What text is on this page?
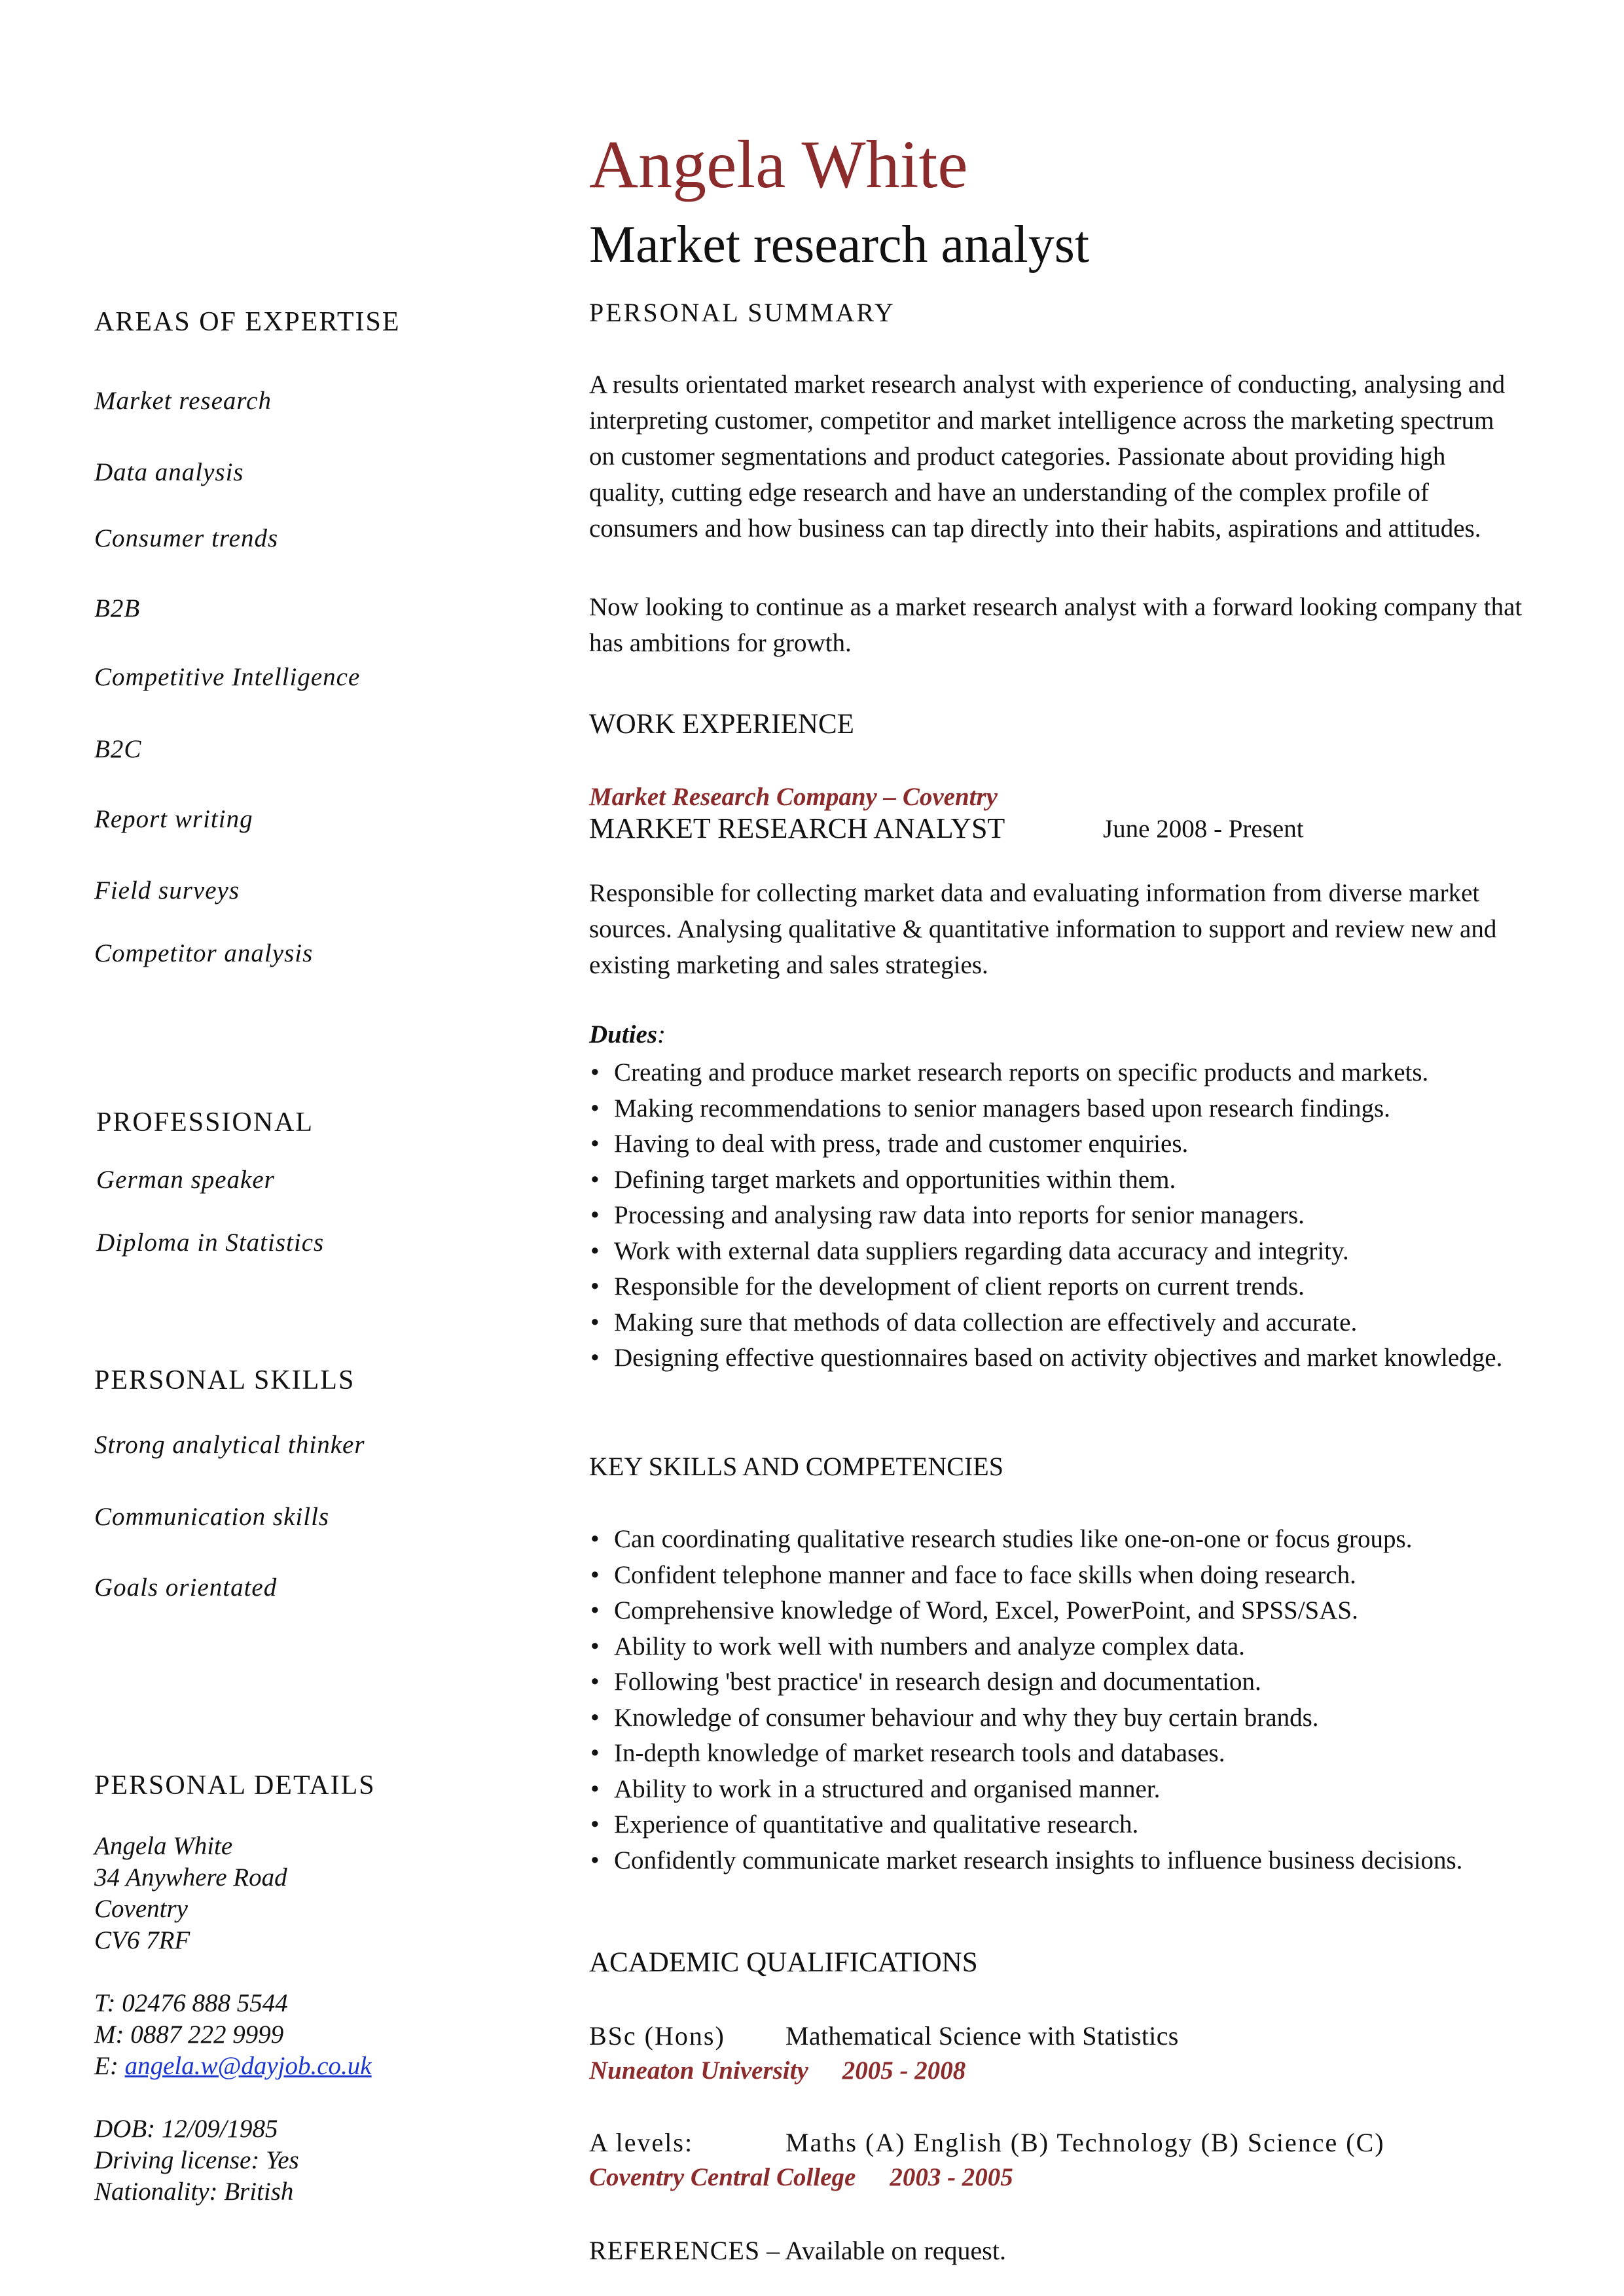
Angela White
Market research analyst
AREAS OF EXPERTISE
Market research
Data analysis
Consumer trends
B2B
Competitive Intelligence
B2C
Report writing
Field surveys
Competitor analysis
PROFESSIONAL
German speaker
Diploma in Statistics
PERSONAL SKILLS
Strong analytical thinker
Communication skills
Goals orientated
PERSONAL DETAILS
Angela White
34 Anywhere Road
Coventry
CV6 7RF
T: 02476 888 5544
M: 0887 222 9999
E: angela.w@dayjob.co.uk
DOB: 12/09/1985
Driving license: Yes
Nationality: British
PERSONAL SUMMARY
A results orientated market research analyst with experience of conducting, analysing and interpreting customer, competitor and market intelligence across the marketing spectrum on customer segmentations and product categories. Passionate about providing high quality, cutting edge research and have an understanding of the complex profile of consumers and how business can tap directly into their habits, aspirations and attitudes.
Now looking to continue as a market research analyst with a forward looking company that has ambitions for growth.
WORK EXPERIENCE
Market Research Company – Coventry
MARKET RESEARCH ANALYST	June 2008 - Present
Responsible for collecting market data and evaluating information from diverse market sources. Analysing qualitative & quantitative information to support and review new and existing marketing and sales strategies.
Duties:
• Creating and produce market research reports on specific products and markets.
• Making recommendations to senior managers based upon research findings.
• Having to deal with press, trade and customer enquiries.
• Defining target markets and opportunities within them.
• Processing and analysing raw data into reports for senior managers.
• Work with external data suppliers regarding data accuracy and integrity.
• Responsible for the development of client reports on current trends.
• Making sure that methods of data collection are effectively and accurate.
• Designing effective questionnaires based on activity objectives and market knowledge.
KEY SKILLS AND COMPETENCIES
• Can coordinating qualitative research studies like one-on-one or focus groups.
• Confident telephone manner and face to face skills when doing research.
• Comprehensive knowledge of Word, Excel, PowerPoint, and SPSS/SAS.
• Ability to work well with numbers and analyze complex data.
• Following 'best practice' in research design and documentation.
• Knowledge of consumer behaviour and why they buy certain brands.
• In-depth knowledge of market research tools and databases.
• Ability to work in a structured and organised manner.
• Experience of quantitative and qualitative research.
• Confidently communicate market research insights to influence business decisions.
ACADEMIC QUALIFICATIONS
BSc (Hons) Mathematical Science with Statistics
Nuneaton University 2005 - 2008
A levels:	Maths (A) English (B) Technology (B) Science (C)
Coventry Central College 2003 - 2005
REFERENCES – Available on request.
